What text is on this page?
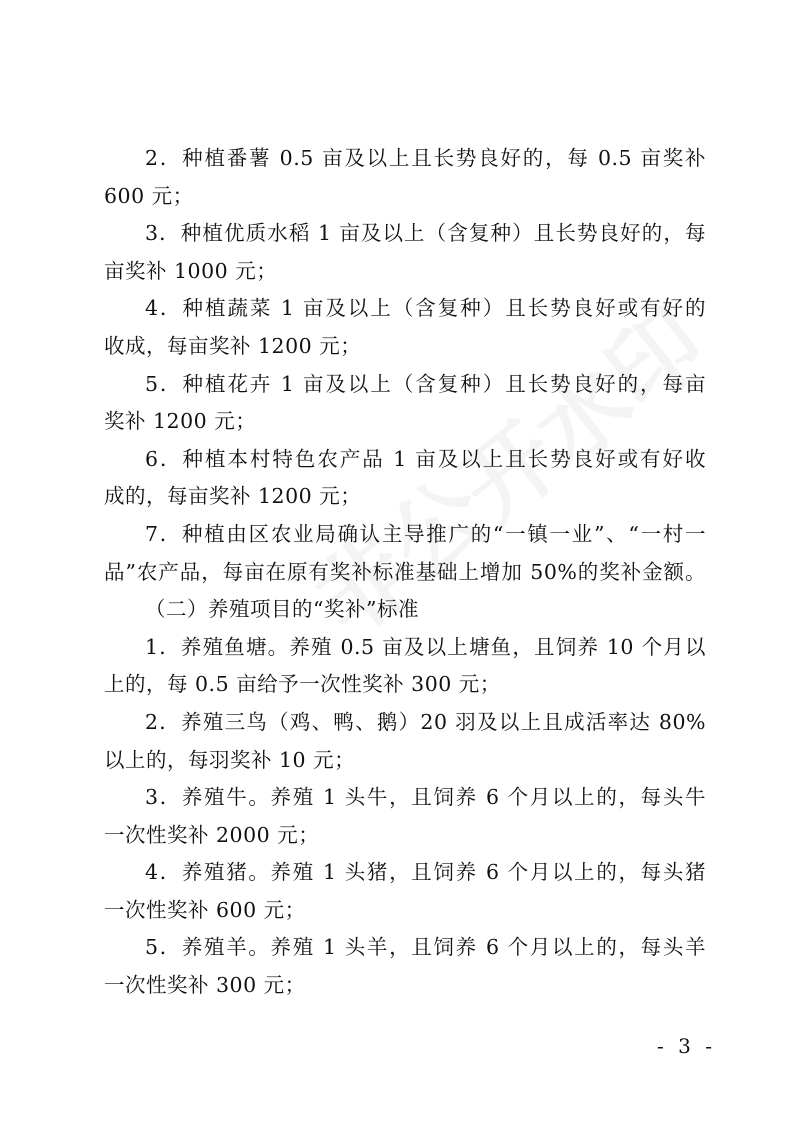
2．种植番薯 0.5 亩及以上且长势良好的，每 0.5 亩奖补
600 元；
3．种植优质水稻 1 亩及以上（含复种）且长势良好的，每
亩奖补 1000 元；
4．种植蔬菜 1 亩及以上（含复种）且长势良好或有好的
收成，每亩奖补 1200 元；
5．种植花卉 1 亩及以上（含复种）且长势良好的，每亩
奖补 1200 元；
6．种植本村特色农产品 1 亩及以上且长势良好或有好收
成的，每亩奖补 1200 元；
7．种植由区农业局确认主导推广的“一镇一业”、“一村一
品”农产品，每亩在原有奖补标准基础上增加 50%的奖补金额。
（二）养殖项目的“奖补”标准
1．养殖鱼塘。养殖 0.5 亩及以上塘鱼，且饲养 10 个月以
上的，每 0.5 亩给予一次性奖补 300 元；
2．养殖三鸟（鸡、鸭、鹅）20 羽及以上且成活率达 80%
以上的，每羽奖补 10 元；
3．养殖牛。养殖 1 头牛，且饲养 6 个月以上的，每头牛
一次性奖补 2000 元；
4．养殖猪。养殖 1 头猪，且饲养 6 个月以上的，每头猪
一次性奖补 600 元；
5．养殖羊。养殖 1 头羊，且饲养 6 个月以上的，每头羊
一次性奖补 300 元；
- 3 -
